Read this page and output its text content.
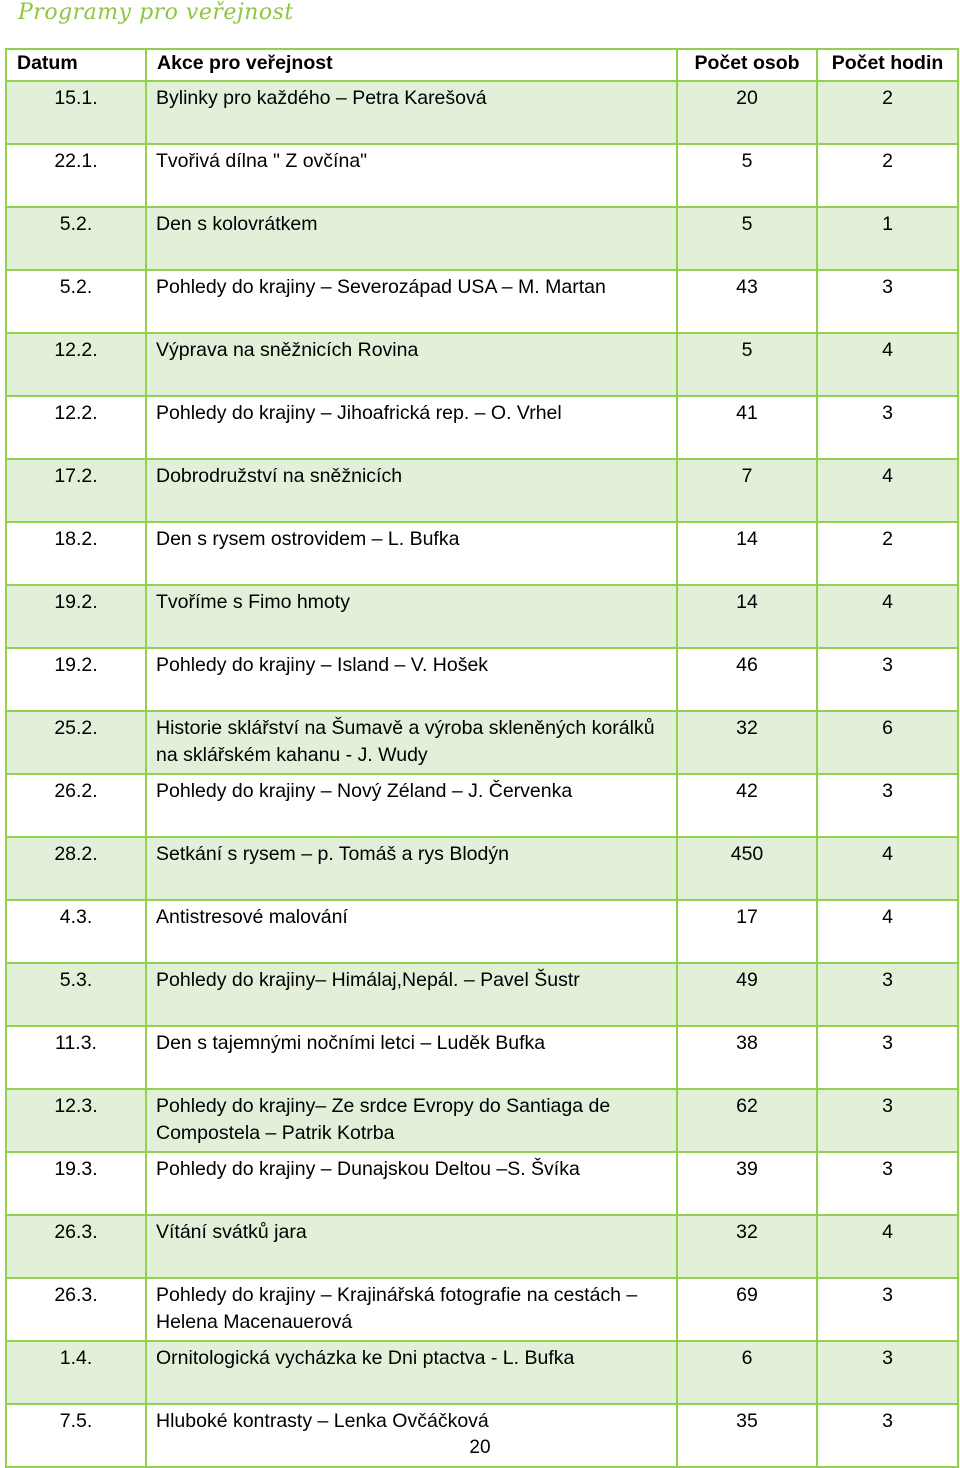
Programy pro veřejnost
Datum	Akce pro veřejnost	Počet osob	Počet hodin
15.1.	Bylinky pro každého – Petra Karešová	20	2
22.1.	Tvořivá dílna " Z ovčína"	5	2
5.2.	Den s kolovrátkem	5	1
5.2.	Pohledy do krajiny – Severozápad USA – M. Martan	43	3
12.2.	Výprava na sněžnicích Rovina	5	4
12.2.	Pohledy do krajiny – Jihoafrická rep. – O. Vrhel	41	3
17.2.	Dobrodružství na sněžnicích	7	4
18.2.	Den s rysem ostrovidem – L. Bufka	14	2
19.2.	Tvoříme s Fimo hmoty	14	4
19.2.	Pohledy do krajiny – Island – V. Hošek	46	3
25.2.	Historie sklářství na Šumavě a výroba skleněných korálků na sklářském kahanu - J. Wudy	32	6
26.2.	Pohledy do krajiny – Nový Zéland – J. Červenka	42	3
28.2.	Setkání s rysem – p. Tomáš a rys Blodýn	450	4
4.3.	Antistresové malování	17	4
5.3.	Pohledy do krajiny– Himálaj,Nepál. – Pavel Šustr	49	3
11.3.	Den s tajemnými nočními letci – Luděk Bufka	38	3
12.3.	Pohledy do krajiny– Ze srdce Evropy do Santiaga de Compostela – Patrik Kotrba	62	3
19.3.	Pohledy do krajiny – Dunajskou Deltou –S. Švíka	39	3
26.3.	Vítání svátků jara	32	4
26.3.	Pohledy do krajiny – Krajinářská fotografie na cestách – Helena Macenauerová	69	3
1.4.	Ornitologická vycházka ke Dni ptactva - L. Bufka	6	3
7.5.	Hluboké kontrasty – Lenka Ovčáčková	35	3
20
